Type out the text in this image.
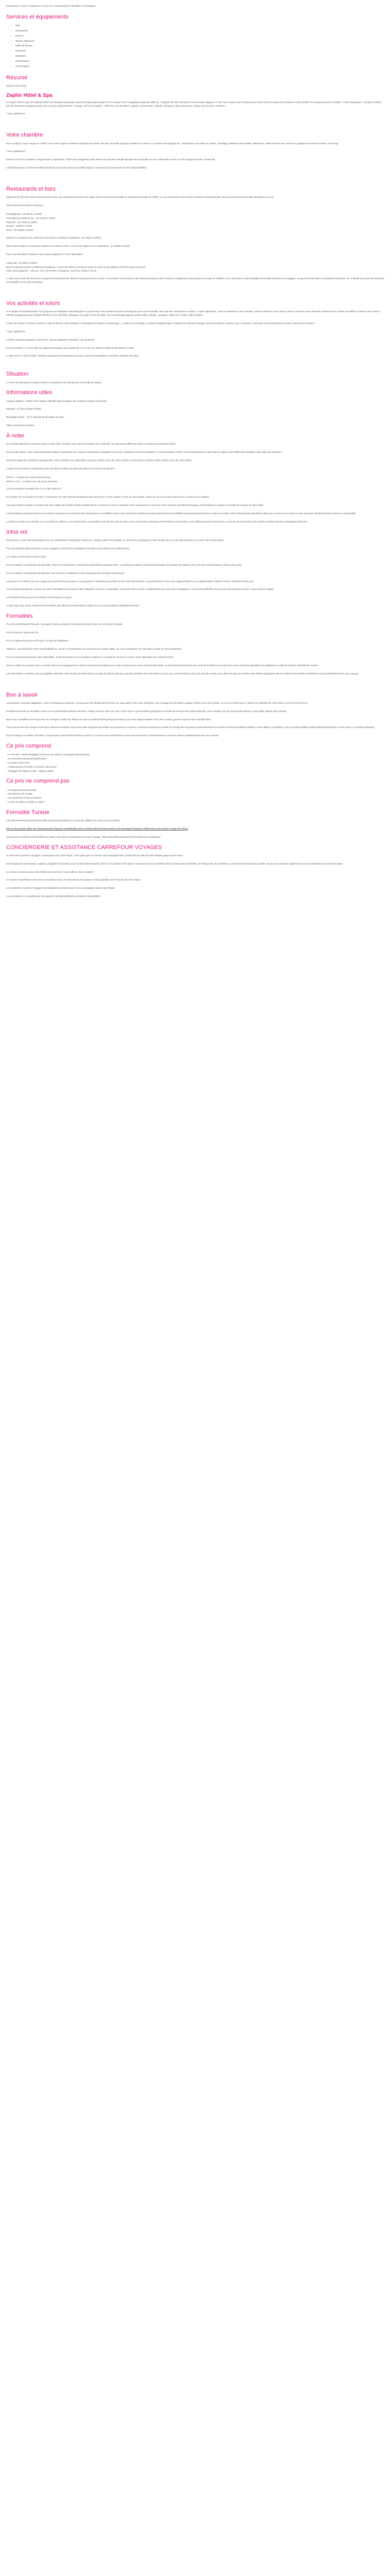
Description Ce prix comprend / Ce prix ne comprend pas Formalités Conciergerie
Services et équipements
• Wifi
• Restaurant
• Piscine
• Piscine intérieure
• Salle de fitness
• Hammam
• Balnéaire
• Climatisation
• Conciergerie
Résumé

Résumé du produit

Zephir Hôtel & Spa

Le Zephir Hôtel & Spa est implanté dans une véritable palmeraie, entouré de splendides jardins et en bordure d'une magnifique plage de sable fin. Il dispose de 536 chambres à la décoration typique. Le soir vous n'aurez que l'embarras du choix entre les restaurants à thème ou bien profiter de la grande piscine centrale. À votre disposition : réception 24h/24, prêt de serviettes de plage (caution de 10 euros), blanchisserie*, change, wifi à la réception*, coffre-fort à la réception*, galerie commerciale*, bijoutier, kiosques, salon de beauté, bureau d'excursions, médecin*.

*Avec supplément

Votre chambre

Pour un séjour sous le signe du confort, vous serez logé en chambre standard vue jardin, elle peut accueillir jusqu'à 3 adultes et 1 enfant. La chambre est équipée de : climatisation (du 15/06 au 15/09), chauffage, télévision par satellite, téléphone*, salle de bains avec douche ou baignoire et sèche-cheveux, mini-frigo.

*Avec supplément

Dans le cas d'une chambre à usage triple ou quadruple, l'hôtel met à disposition des clients une chambre double équipée d'un lit double (ou de 2 petits lits) et d'un ou 2 lits d'appoints (sofa, canapé-lit).

L'hôtel dispose de 2 chambres PMR standards vue jardin pouvant accueillir jusqu'à 3 personnes (sur demande et selon disponibilités).

Restaurants et bars

Séjourner fin gré hôtel avec la formule tout inclus, qui comprend aussi bien les repas servis sous forme de buffet au restaurant principal de l'hôtel, ou vous découvrirez des saveurs locales et internationales, ainsi que les boissons locales alcoolisées ou non.

Votre formule tout inclus comprend :

Petit déjeuner : de 06h30 à 10h00
Petit déjeuner tardif au bar : de 10h00 à 11h00
Déjeuner : de 12h30 à 14h30
Snacks : 15h30 à 17h30
Dîner : de 19h00 à 21h30

Déjeuner au barbecue du 15/05 au 31/10 selon conditions climatiques : de 12h30 à 15h00.

Dîner servi à table au restaurant à thème du 01/05 au 31/10, une fois par séjour et sur réservation : de 19h00 à 21h30

Pour vous désaltérer, plusieurs bars seront également à votre disposition :

Lobby Bar : de 9h00 à 23h00
Bar de la piscine (selon conditions climatiques) : ouvert de 10h00 à minuit du 15/04 au 31/10 et de 10h00 à 17h00 du 16/10 au 31/10
Café maure (payant) : café turc, thé à la menthe et beignets, ouvert de 16h00 à minuit

À noter que la formule tout inclus comprend les boissons de 09h00 à minuit (service au verre). Les horaires sont donnés à titre indicatif et peuvent être soumis à modification sans préavis de la part de l'hôtelier. Il va, sans dire la responsabilité de Mondial Tourisme soit engagée. Lorsque de fruits frais, les boissons importées, les cocktails sont aussi les boissons en bouteille ne sont pas comprises.

Vos activités et loisirs

Une équipe de professionnels vous propose une animation internationale en journée avec des activités sportives et ludiques pour toute la famille, ainsi que des animations en soirée. À votre disposition : piscine extérieure à eau chauffée, piscine intérieure à eau douce, piscine couverte à eau thermale (réservée aux curistes de 09h00 à 10h30 et de 14h00 à 15h00), pataugeoire pour enfants, fitness en mer, fléchette, pétanque, mini-golf, tennis de table, tennis (éclairage payant), beach-volley, aérobic, aquagym, water-polo, beach volley, billard*.

Centre de remise en forme et piscine*, salle de fitness, soins thalasso, enveloppement (algues et gommage...), cabines de massage, 2 cabines d'algothérapie, 2 baignoires d'hydro-massage, douche à affusion, douche à jet, 2 saunas, 1 hammam, piscine thermale couverte, parcours bio-marins*

*Avec supplément

Activités sportives payantes à proximité : sports nautiques motorisés, vols équestres.

Pour les enfants : un mini-club est également proposé aux enfants de 4 à 12 ans, de 10h00 à 12h00 et de 15h00 à 17h00.

À noter qu'en ce de la météo, certaines équipements extérieurs peuvent ne pas être praticables et certaines activités annulées.

Situation

À 40 km de l'aéroport de Djerba-Zarzis et à seulement 10 minutes du centre-ville de Zarzis.

Informations utiles

Langues parlées : l'arabe est la langue officielle mais la plupart des Tunisiens parlent le français.

Monnaie : le dinar tunisien (TND).

Décalage horaire : -1h en été pas de décalage en hiver

Office du tourisme tunisien

À noter

Un transfert aller/retour est prévu jusqu'à votre hôtel. Veuillez noter que les transferts sont collectifs. Ils regroupent différents clients et desservent plusieurs hôtels.

Durant votre séjour, votre représentant francophone organisera une réunion d'information à laquelle nous vous conseillons vivement d'assister. Il vous présentera l'hôtel, ses fonctionnements, mais aussi la région et les différentes activités à faire dans les alentours.

Selon les règles de l'hôtellerie internationale, votre chambre sera disponible à partir de 14h00 le jour de votre arrivée et vous devrez la libérer avant 12h00 le jour de votre départ.

À partir du 01/11/23 le montant de la taxe de séjour à régler sur place (à partir de 12 ans) est le suivant :

Hôtel 3* : 3 dinars par nuit et par personne
Hôtel 4* et 5* : 12 dinars par nuit et par personne

La taxe de séjour est plafonnée à 10 nuits maximum

En fonction de vos horaires de vols, le restaurant de votre hôtel de destination peut être fermé à votre arrivée ou lors de votre départ. Dans ce cas nous vous invitons donc à prévoir une collation.

Il se peut selon les dates ou moment de votre départ de Tunisie d'avoir possible de les convertir en euros à l'aéroport mais uniquement si vous avez bien conservé les billets de banque et les tickets de change ou le ticket de change de votre hôtel.

Les prestations proposées dans nos brochures peuvent à tout moment être suspendues ou modifiées suite à des restrictions sanitaires qui pourraient imposer les différents gouvernements dans le cadre de la lutte contre d'éventuelles pandémies telle que le Covid-19 ou autres et cela sans que Mondial Tourisme soit tenu responsable.

La durée du séjour est calculée sur le nombre de nuitées et non de journées. La première et la dernière jour du séjour sont consacrés au transport international. Les arrivées ou les départs peuvent avoir lieu en cours de nuit en fonction des horaires imposés par les compagnies aériennes.

Infos vol

Nous avons à cœur des partenariats avec de nombreuses compagnies aériennes. Lorsque celle-sera possible, le choix de la compagnie et des horaires de vol vous sera proposé au moment de la réservation.

Pour des départs depuis la France vous voyagerez à bord de la compagnie Nouvelair (sous réserve de modifications).

Les repas ne sont pas compris à bord.

Pour les séjours à destination de Monastir, Tozeur et Hammamet, le terminal et département passent selon. Le terminal de départ d'arrivée de Monastir, les horaires de départ et les vols sont communiqués au bas ou peu près.

Pour les séjours à destination de Monastir, les annonces et départs se font uniquement de l'aéroport de Monastir.

La premier et le dernier jour du voyage sont consacrés au transport. La programme n'importe pas la limite ou les choix des horaires, il se pourrait être connu pour réglementation ou un départ tardif, n'étant du retour matinal le dernier jour.

Les horaires proposés au moment de votre réservation sont donnés à titre indicatif et sont non contractuels. Ils peuvent être soumis à modifications de la part des compagnies. Les horaires définitifs vous seront communiqués environ 7 jours avant le départ.

Les horaires retour pourront vous être communiqués sur place.

À noter que vous devez respecter les formalités des offices de l'hôtel dans le cadre d'un vol sous escale) et destinations finales.

Formalités

Pour les ressortissants français : passeport valide au moins 3 mois après la date retour sur le territoire français.

Vous ne pourrez partir sans lui.

Pour un séjour de plus de trois mois, un visa est obligatoire.

Attention, nous déclinons toute responsabilité en cas de non-possession du document de voyage valide, qui vous renseignera de vive dans le pays de votre destination.

Pour les ressortissants d'une autre nationalité : il est nécessaire de se renseigner auprès du consulat de Tunisie en France et de nationalité d'un transit de bord.

Dans le cadre d'un voyage avec un enfant mineur (ou voyageant d'un seul de ses parents uniquement ou par le parent qui n'a pas l'autorité parentale), un document d'autorisation de sortie de territoire et la copie de la carte du parent signataire est obligatoire en plus de la pièce d'identité de l'enfant.

Les informations ci-dessus sont susceptibles d'évoluer entre la date de réservation et la date de départ ainsi que Mondial Tourisme n'en soit informé. Nous vous recommandons donc de consulter avant votre départ le site du ministère des Affaires étrangères afin de vérifier les formalités nécessaires à l'accomplissement de votre voyage.

Bon à savoir

La puissance mais pas obligatoire, mais il est largement répandu. Si vous avez été satisfait des services de votre guide et de votre chauffeur, il est d'usage de leur laisser quelque chose à la fin de la visite, il en va de même pour le femme de chambre de votre hôtel ou encore les serveurs.

Pendant la période du ramadan, nous vous recommandons d'éviter de boire, manger et fumer dans les rues. Il peut arriver que les hôtels proposent un horaire de service des repas particulier. Dans certains cas, ils peuvent être fermés à tout public durant cette période.

Nous vous conseillons de ne pas faire le ménage la veille d'un départ au cas où certains hôtels puissent la retenir pour votre départ matinal. Pour votre confort, gardez toujours votre chambre libre.

Vous pouvez faire du change à l'aéroport, dans les banques, mais aussi dans la plupart des hôtels qui proposent ce service. Conservez toujours les tickets de change afin de pouvoir éventuellement reconvertir les dinars tunisiens restants à votre départ. Cependant, cela n'est pas possible systématiquement (surtout si vous avez un montant important).

Pour les séjours et visites culturelles, certains sites peuvent être fermés au public ou soumis à des restrictions en raison de rénovations, d'événements ou d'autres raisons indépendantes de notre volonté.

Ce prix comprend
- Le Vol Aller / Retour (bagages inclus ou non selon la compagnie sélectionnée)
- Les transferts aéroport/hôtel/aéroport
- Les taxes aériennes*
- L'hébergement à l'hôtel en formule "tout inclus"
- 1 bagage de 23kg en soute + 8kg en cabine
Ce prix ne comprend pas
- Les dépenses personnelles
- Les assurances voyage
- Les pourboires et les excursions
- La taxe de séjour à régler sur place
Formalité Tunisie

Les ressortissants français doivent être munis d'un passeport en cours de validité pour entrer sur le territoire.

Dès le 1er janvier 2023, les ressortissants français à destination de la Tunisie devront être munis d'un passeport français valide trois mois après la date de retour.

Vous pouvez consulter les formalités de santé et de police nécessaires pour votre voyage : http://www.diplomatie.gouv.fr/fr/conseils-aux-voyageurs/

CONCIERGERIE ET ASSISTANCE CARREFOUR VOYAGES

En réservant Carrefour Voyages Conciergerie pour votre séjour, vous optez pour un service d'accompagnement complet dès la veille de votre départ jusqu'à votre retour.

Notre équipe de conciergerie, experte, polyglotte et humaine, joue un rôle d'intermédiaire 24h/24 7j/7 pendant votre séjour. Nous pouvons vous assister dans la réservation d'activités, de restaurants, de transferts, ou toute autre demande ponctuelle. Nous vous assistons également en cas de problème rencontré sur place.

Ce service est inclus dans votre forfait sans surcoût, il vous suffit de nous contacter.

Un numéro d'assistance vous sera communiqué avec vos documents de voyage et reste joignable toute la durée de votre séjour.

Les conseillers Carrefour Voyages sont également présents pour vous accompagner avant votre départ.

La conciergerie ne constitue pas une garantie de disponibilité des prestations demandées.
